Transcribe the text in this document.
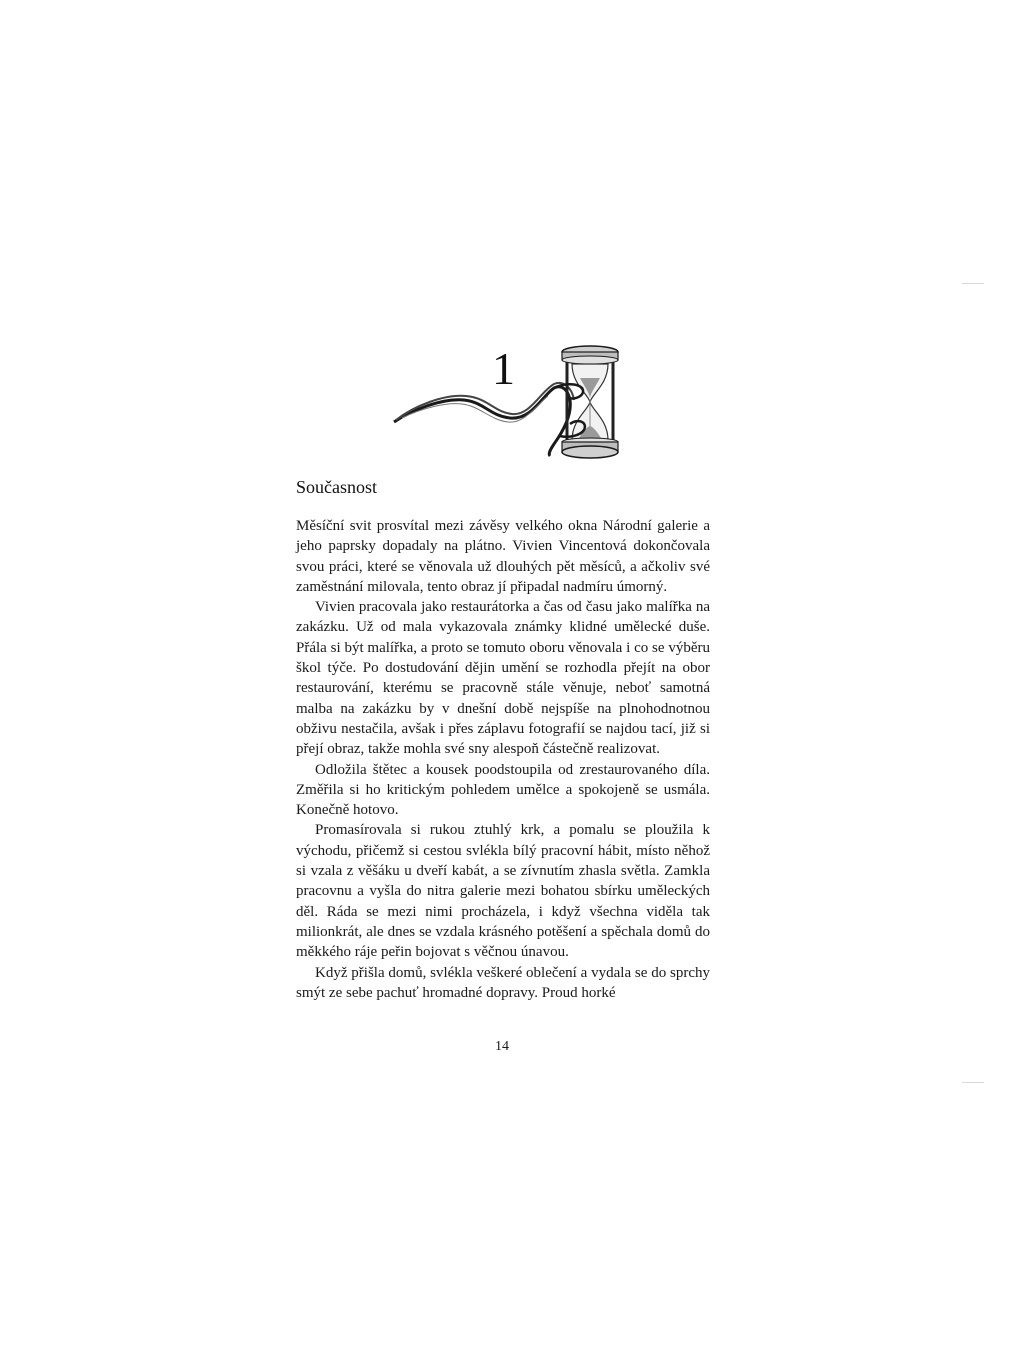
1
Současnost

Měsíční svit prosvítal mezi závěsy velkého okna Národní galerie a jeho paprsky dopadaly na plátno. Vivien Vincentová dokončovala svou práci, které se věnovala už dlouhých pět měsíců, a ačkoliv své zaměstnání milovala, tento obraz jí připadal nadmíru úmorný.

Vivien pracovala jako restaurátorka a čas od času jako malířka na zakázku. Už od mala vykazovala známky klidné umělecké duše. Přála si být malířka, a proto se tomuto oboru věnovala i co se výběru škol týče. Po dostudování dějin umění se rozhodla přejít na obor restaurování, kterému se pracovně stále věnuje, neboť samotná malba na zakázku by v dnešní době nejspíše na plnohodnotnou obživu nestačila, avšak i přes záplavu fotografií se najdou tací, již si přejí obraz, takže mohla své sny alespoň částečně realizovat.

Odložila štětec a kousek poodstoupila od zrestaurovaného díla. Změřila si ho kritickým pohledem umělce a spokojeně se usmála. Konečně hotovo.

Promasírovala si rukou ztuhlý krk, a pomalu se ploužila k východu, přičemž si cestou svlékla bílý pracovní hábit, místo něhož si vzala z věšáku u dveří kabát, a se zívnutím zhasla světla. Zamkla pracovnu a vyšla do nitra galerie mezi bohatou sbírku uměleckých děl. Ráda se mezi nimi procházela, i když všechna viděla tak milionkrát, ale dnes se vzdala krásného potěšení a spěchala domů do měkkého ráje peřin bojovat s věčnou únavou.

Když přišla domů, svlékla veškeré oblečení a vydala se do sprchy smýt ze sebe pachuť hromadné dopravy. Proud horké

14
